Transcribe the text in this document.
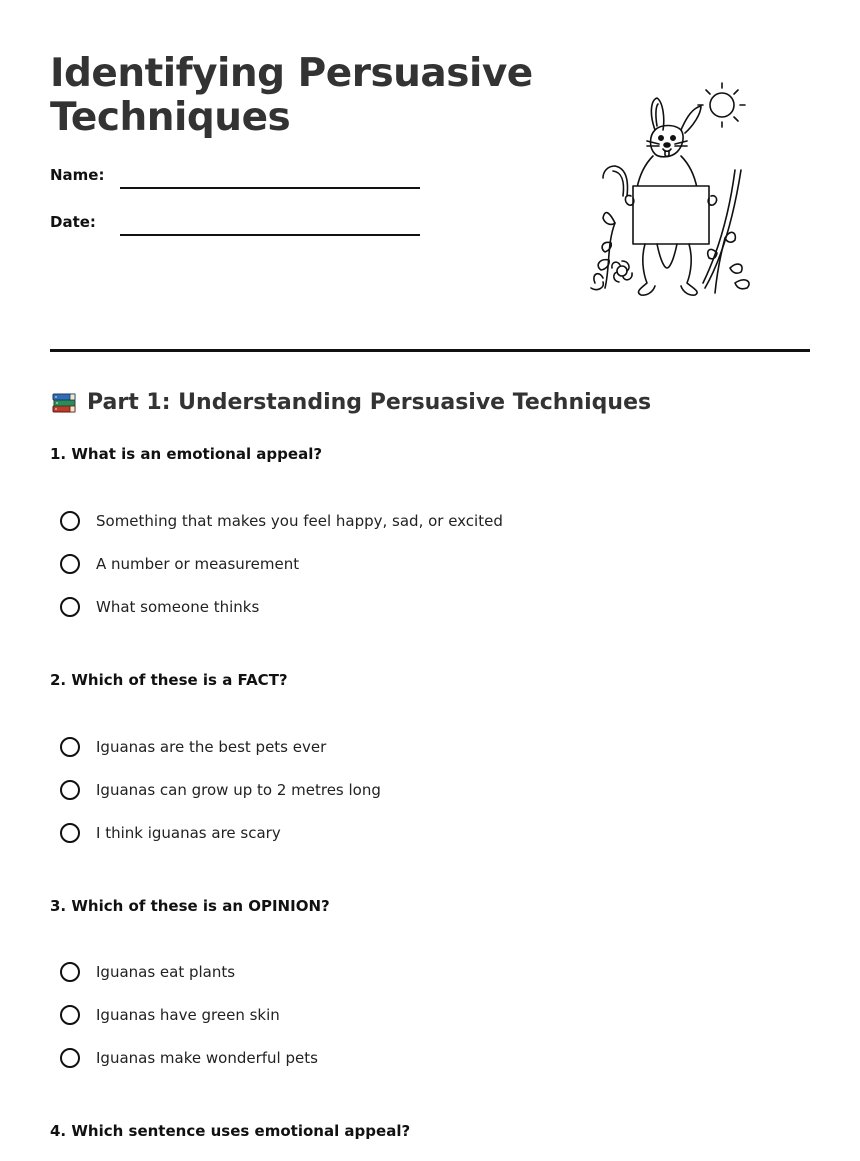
Identifying Persuasive Techniques
Name:
Date:
Part 1: Understanding Persuasive Techniques
1. What is an emotional appeal?
Something that makes you feel happy, sad, or excited
A number or measurement
What someone thinks
2. Which of these is a FACT?
Iguanas are the best pets ever
Iguanas can grow up to 2 metres long
I think iguanas are scary
3. Which of these is an OPINION?
Iguanas eat plants
Iguanas have green skin
Iguanas make wonderful pets
4. Which sentence uses emotional appeal?
